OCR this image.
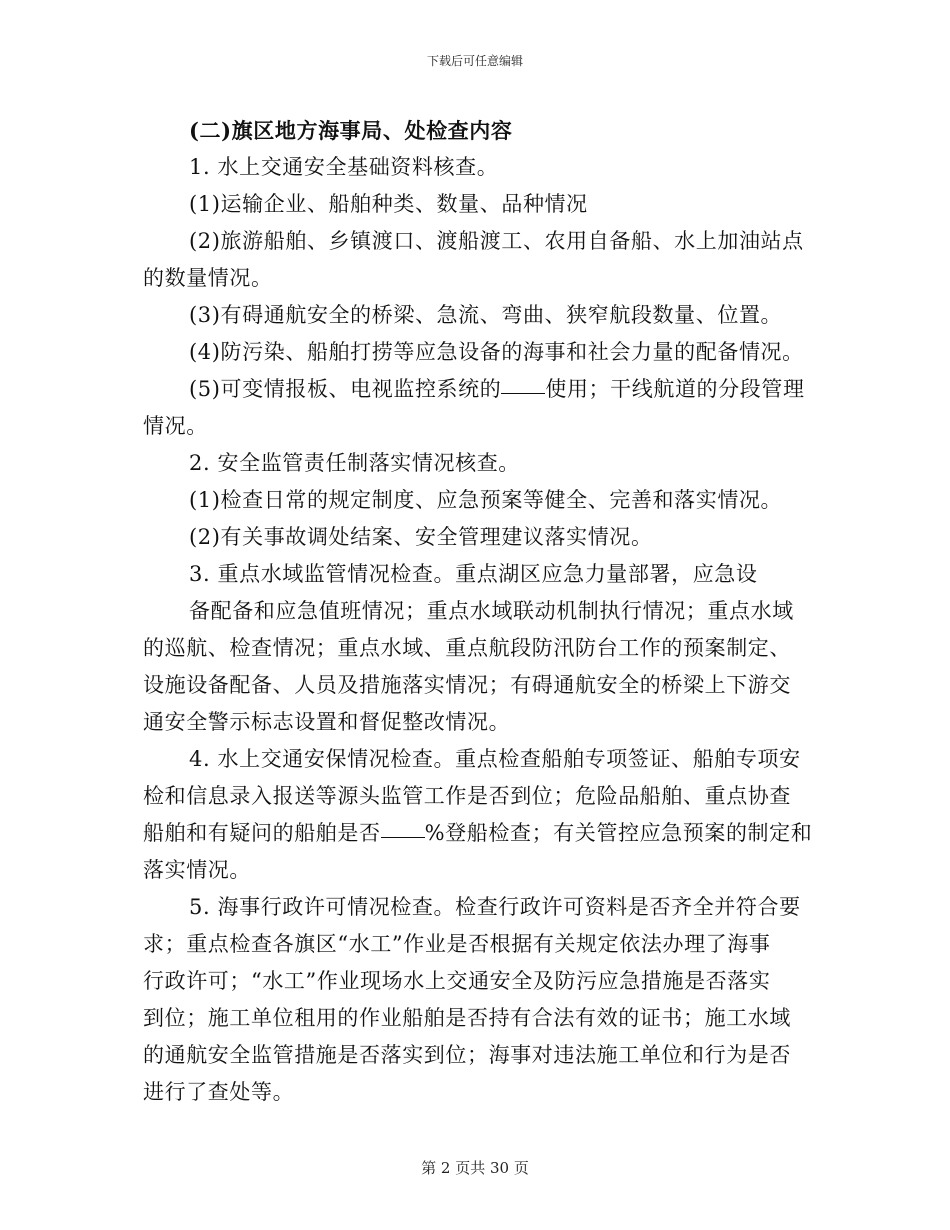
下载后可任意编辑
(二)旗区地方海事局、处检查内容
1. 水上交通安全基础资料核查。
(1)运输企业、船舶种类、数量、品种情况
(2)旅游船舶、乡镇渡口、渡船渡工、农用自备船、水上加油站点
的数量情况。
(3)有碍通航安全的桥梁、急流、弯曲、狭窄航段数量、位置。
(4)防污染、船舶打捞等应急设备的海事和社会力量的配备情况。
(5)可变情报板、电视监控系统的 使用；干线航道的分段管理
情况。
2. 安全监管责任制落实情况核查。
(1)检查日常的规定制度、应急预案等健全、完善和落实情况。
(2)有关事故调处结案、安全管理建议落实情况。
3. 重点水域监管情况检查。重点湖区应急力量部署，应急设
备配备和应急值班情况；重点水域联动机制执行情况；重点水域
的巡航、检查情况；重点水域、重点航段防汛防台工作的预案制定、
设施设备配备、人员及措施落实情况；有碍通航安全的桥梁上下游交
通安全警示标志设置和督促整改情况。
4. 水上交通安保情况检查。重点检查船舶专项签证、船舶专项安
检和信息录入报送等源头监管工作是否到位；危险品船舶、重点协查
船舶和有疑问的船舶是否 %登船检查；有关管控应急预案的制定和
落实情况。
5. 海事行政许可情况检查。检查行政许可资料是否齐全并符合要
求；重点检查各旗区“水工”作业是否根据有关规定依法办理了海事
行政许可；“水工”作业现场水上交通安全及防污应急措施是否落实
到位；施工单位租用的作业船舶是否持有合法有效的证书；施工水域
的通航安全监管措施是否落实到位；海事对违法施工单位和行为是否
进行了查处等。
第 2 页共 30 页
